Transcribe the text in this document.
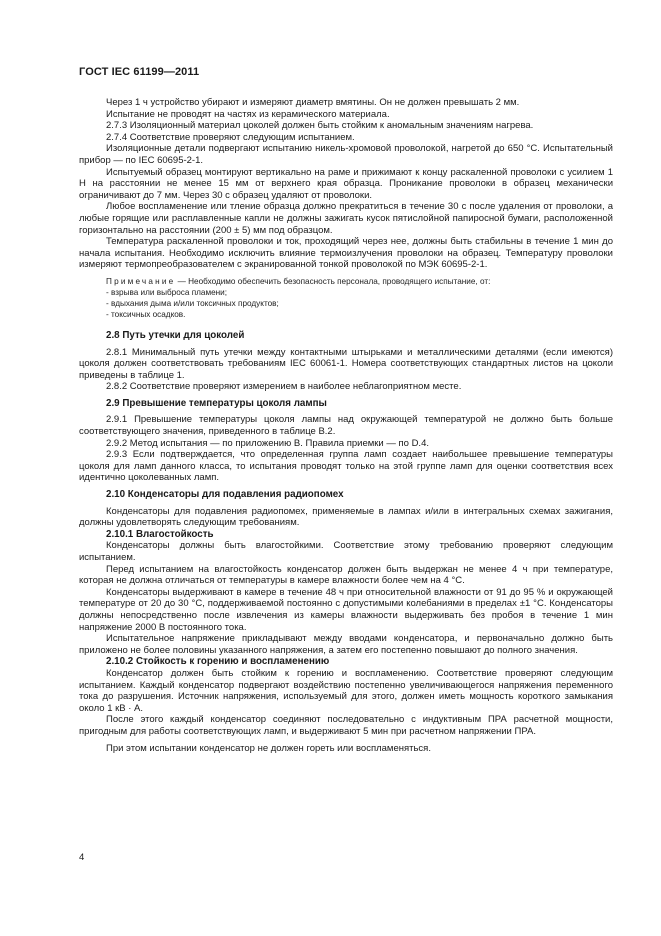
ГОСТ IEC 61199—2011

Через 1 ч устройство убирают и измеряют диаметр вмятины. Он не должен превышать 2 мм.

Испытание не проводят на частях из керамического материала.

2.7.3 Изоляционный материал цоколей должен быть стойким к аномальным значениям нагрева.

2.7.4 Соответствие проверяют следующим испытанием.

Изоляционные детали подвергают испытанию никель-хромовой проволокой, нагретой до 650 °С. Испытательный прибор — по IEC 60695-2-1.

Испытуемый образец монтируют вертикально на раме и прижимают к концу раскаленной проволоки с усилием 1 Н на расстоянии не менее 15 мм от верхнего края образца. Проникание проволоки в образец механически ограничивают до 7 мм. Через 30 с образец удаляют от проволоки.

Любое воспламенение или тление образца должно прекратиться в течение 30 с после удаления от проволоки, а любые горящие или расплавленные капли не должны зажигать кусок пятислойной папиросной бумаги, расположенной горизонтально на расстоянии (200 ± 5) мм под образцом.

Температура раскаленной проволоки и ток, проходящий через нее, должны быть стабильны в течение 1 мин до начала испытания. Необходимо исключить влияние термоизлучения проволоки на образец. Температуру проволоки измеряют термопреобразователем с экранированной тонкой проволокой по МЭК 60695-2-1.

Примечание — Необходимо обеспечить безопасность персонала, проводящего испытание, от:

- взрыва или выброса пламени;

- вдыхания дыма и/или токсичных продуктов;

- токсичных осадков.

2.8 Путь утечки для цоколей

2.8.1 Минимальный путь утечки между контактными штырьками и металлическими деталями (если имеются) цоколя должен соответствовать требованиям IEC 60061-1. Номера соответствующих стандартных листов на цоколи приведены в таблице 1.

2.8.2 Соответствие проверяют измерением в наиболее неблагоприятном месте.

2.9 Превышение температуры цоколя лампы

2.9.1 Превышение температуры цоколя лампы над окружающей температурой не должно быть больше соответствующего значения, приведенного в таблице В.2.

2.9.2 Метод испытания — по приложению В. Правила приемки — по D.4.

2.9.3 Если подтверждается, что определенная группа ламп создает наибольшее превышение температуры цоколя для ламп данного класса, то испытания проводят только на этой группе ламп для оценки соответствия всех идентично цоколеванных ламп.

2.10 Конденсаторы для подавления радиопомех

Конденсаторы для подавления радиопомех, применяемые в лампах и/или в интегральных схемах зажигания, должны удовлетворять следующим требованиям.

2.10.1 Влагостойкость

Конденсаторы должны быть влагостойкими. Соответствие этому требованию проверяют следующим испытанием.

Перед испытанием на влагостойкость конденсатор должен быть выдержан не менее 4 ч при температуре, которая не должна отличаться от температуры в камере влажности более чем на 4 °С.

Конденсаторы выдерживают в камере в течение 48 ч при относительной влажности от 91 до 95 % и окружающей температуре от 20 до 30 °С, поддерживаемой постоянно с допустимыми колебаниями в пределах ±1 °С. Конденсаторы должны непосредственно после извлечения из камеры влажности выдерживать без пробоя в течение 1 мин напряжение 2000 В постоянного тока.

Испытательное напряжение прикладывают между вводами конденсатора, и первоначально должно быть приложено не более половины указанного напряжения, а затем его постепенно повышают до полного значения.

2.10.2 Стойкость к горению и воспламенению

Конденсатор должен быть стойким к горению и воспламенению. Соответствие проверяют следующим испытанием. Каждый конденсатор подвергают воздействию постепенно увеличивающегося напряжения переменного тока до разрушения. Источник напряжения, используемый для этого, должен иметь мощность короткого замыкания около 1 кВ · А.

После этого каждый конденсатор соединяют последовательно с индуктивным ПРА расчетной мощности, пригодным для работы соответствующих ламп, и выдерживают 5 мин при расчетном напряжении ПРА.

При этом испытании конденсатор не должен гореть или воспламеняться.

4
